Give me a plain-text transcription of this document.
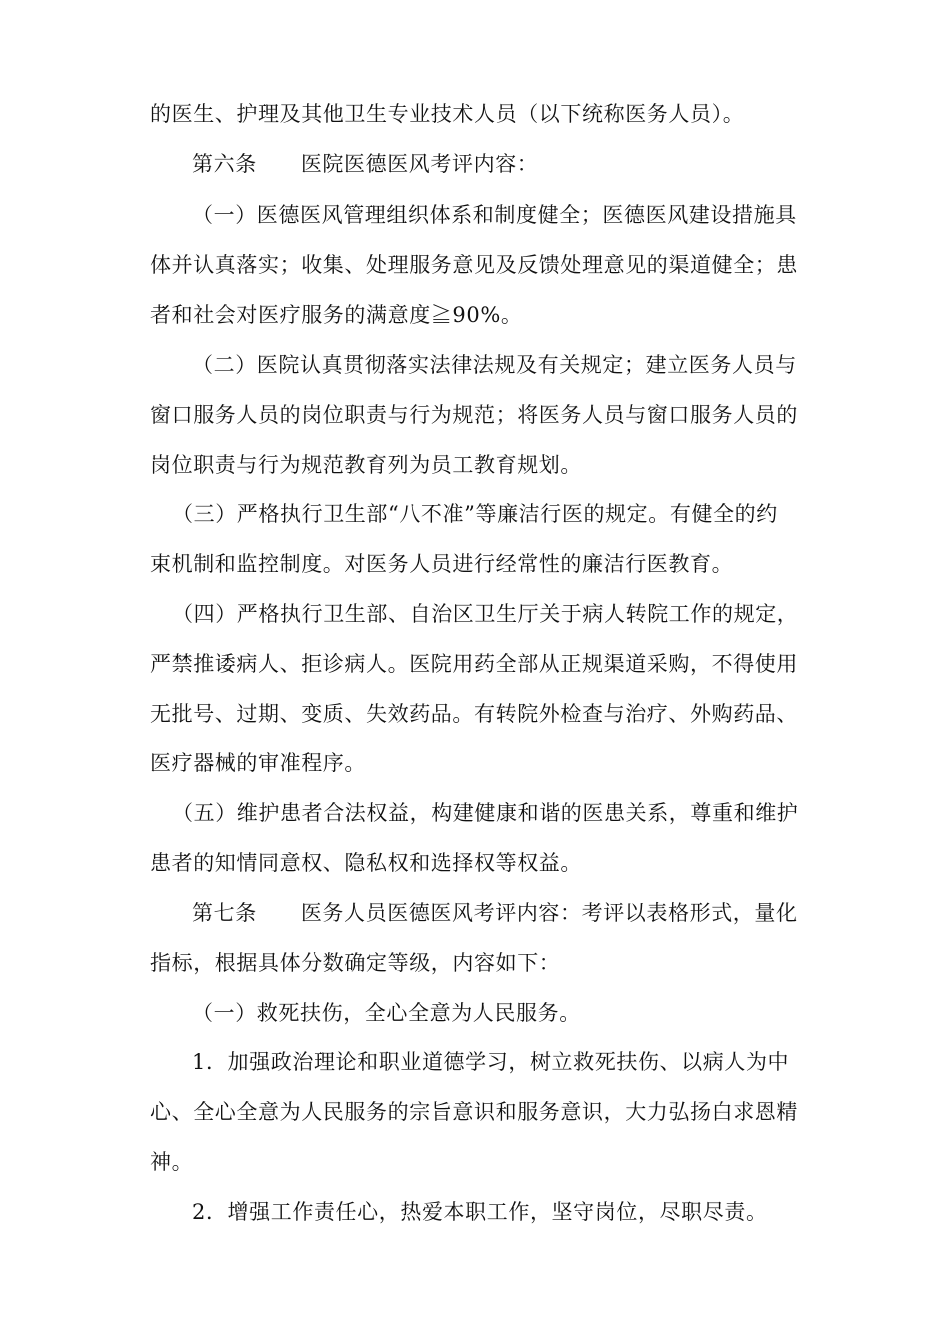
的医生、护理及其他卫生专业技术人员（以下统称医务人员）。
第六条 医院医德医风考评内容：
（一）医德医风管理组织体系和制度健全；医德医风建设措施具
体并认真落实；收集、处理服务意见及反馈处理意见的渠道健全；患
者和社会对医疗服务的满意度≧90%。
（二）医院认真贯彻落实法律法规及有关规定；建立医务人员与
窗口服务人员的岗位职责与行为规范；将医务人员与窗口服务人员的
岗位职责与行为规范教育列为员工教育规划。
（三）严格执行卫生部“八不准”等廉洁行医的规定。有健全的约
束机制和监控制度。对医务人员进行经常性的廉洁行医教育。
（四）严格执行卫生部、自治区卫生厅关于病人转院工作的规定，
严禁推诿病人、拒诊病人。医院用药全部从正规渠道采购，不得使用
无批号、过期、变质、失效药品。有转院外检查与治疗、外购药品、
医疗器械的审准程序。
（五）维护患者合法权益，构建健康和谐的医患关系，尊重和维护
患者的知情同意权、隐私权和选择权等权益。
第七条 医务人员医德医风考评内容：考评以表格形式，量化
指标，根据具体分数确定等级，内容如下：
（一）救死扶伤，全心全意为人民服务。
1．加强政治理论和职业道德学习，树立救死扶伤、以病人为中
心、全心全意为人民服务的宗旨意识和服务意识，大力弘扬白求恩精
神。
2．增强工作责任心，热爱本职工作，坚守岗位，尽职尽责。
